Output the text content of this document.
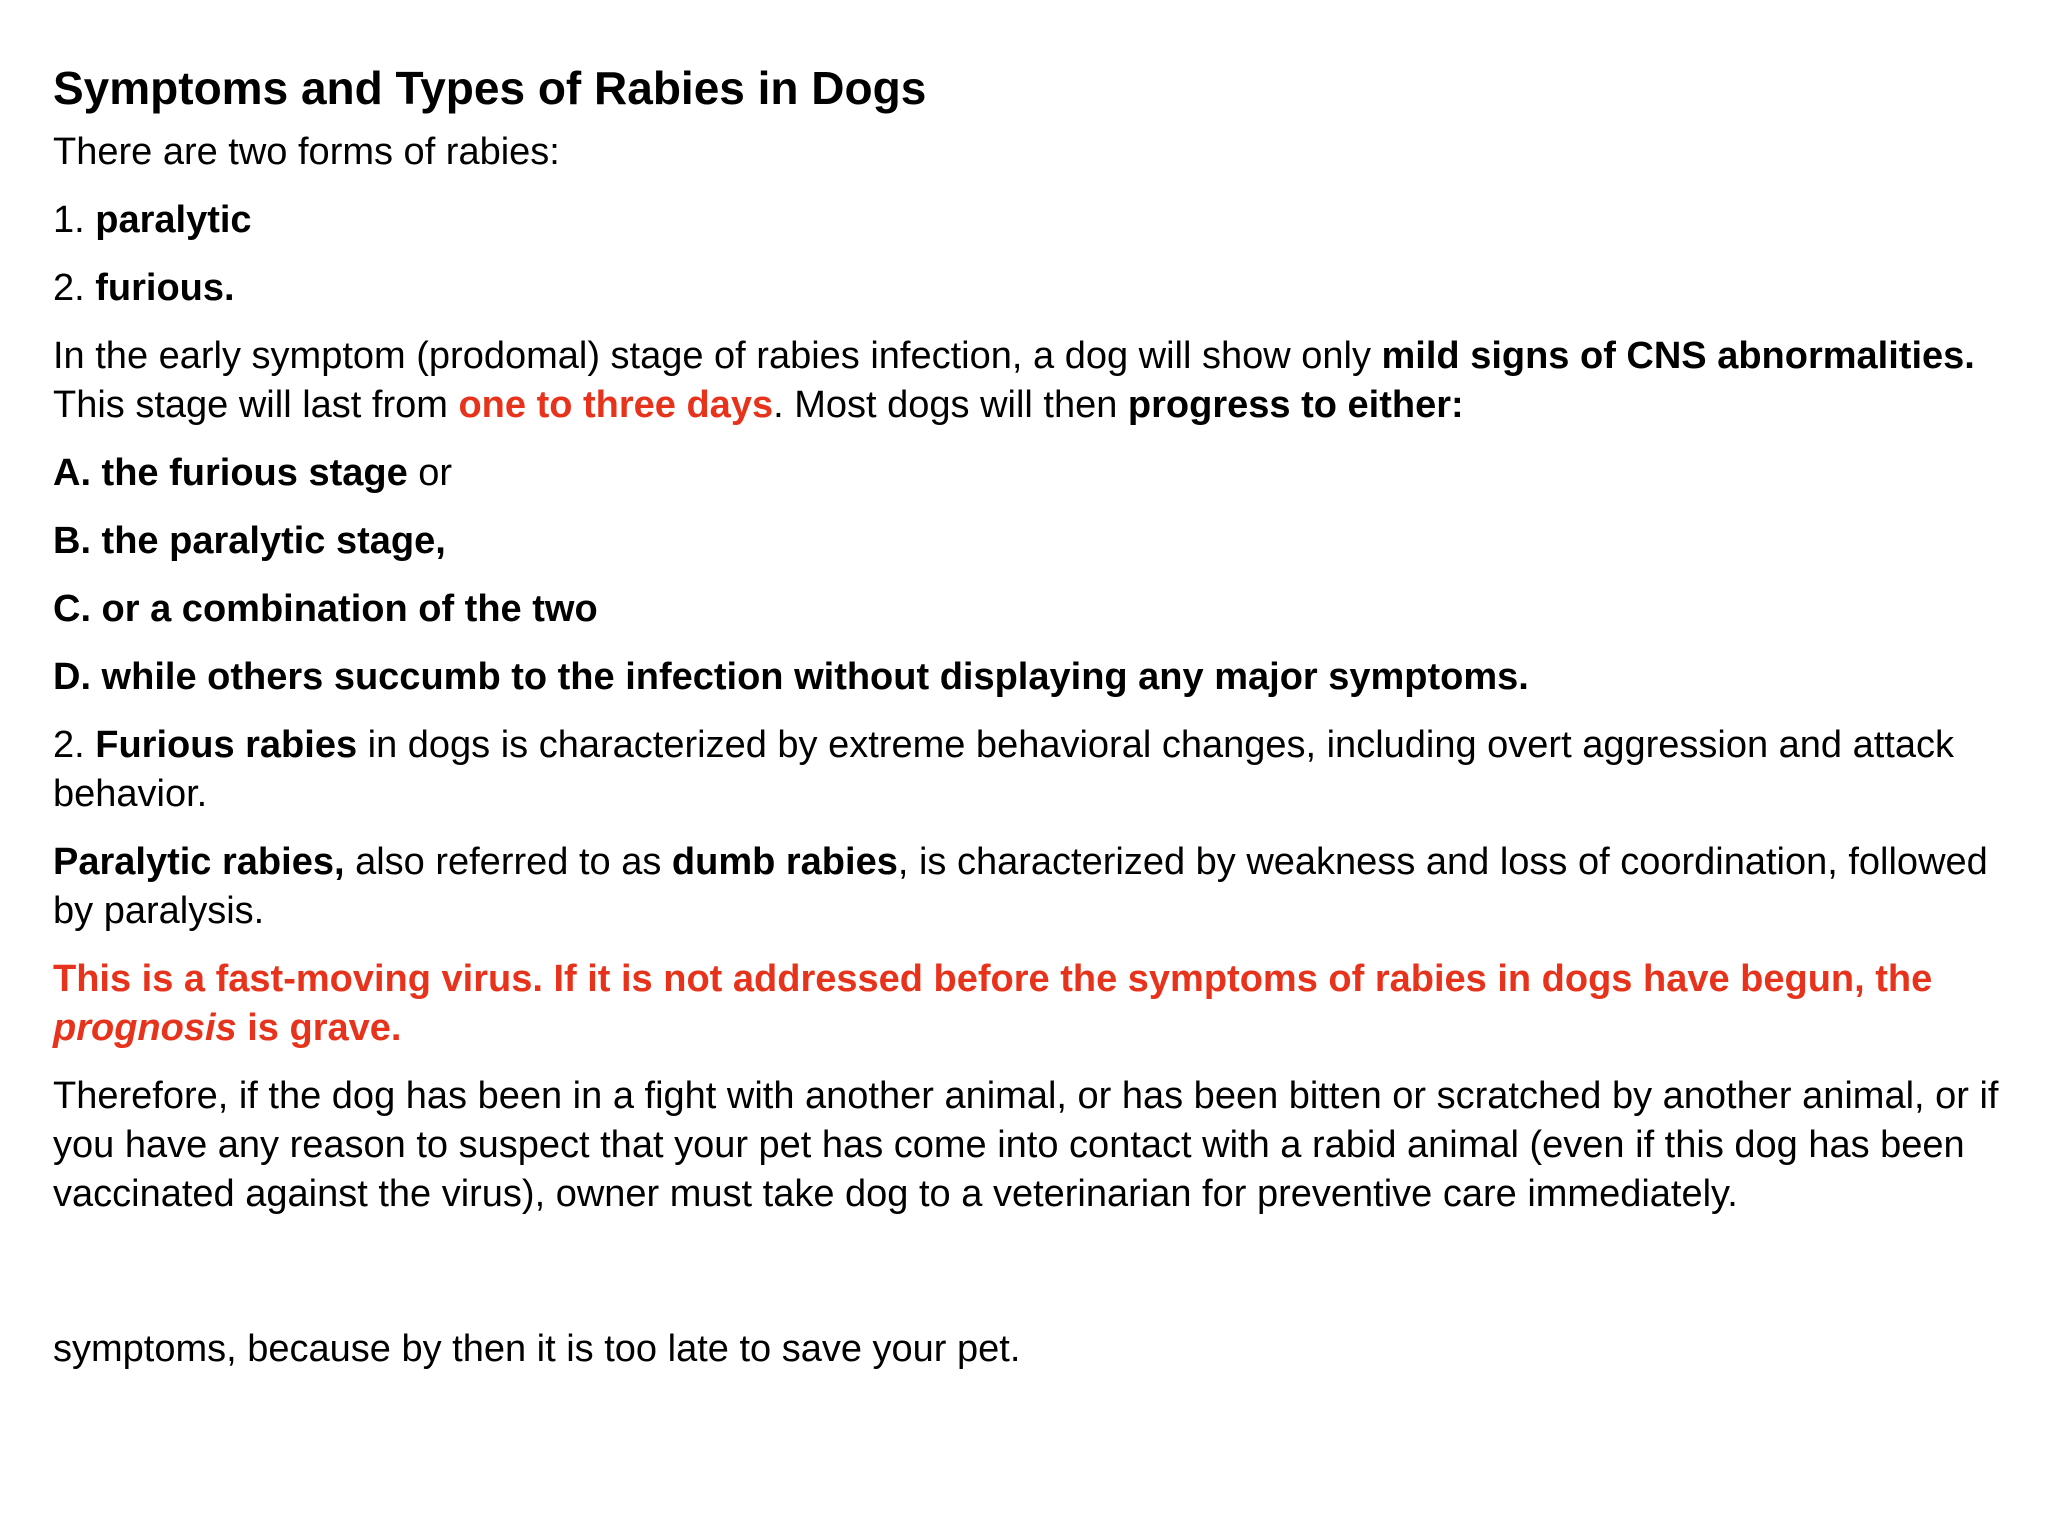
Symptoms and Types of Rabies in Dogs
There are two forms of rabies:
1. paralytic
2. furious.
In the early symptom (prodomal) stage of rabies infection, a dog will show only mild signs of CNS abnormalities. This stage will last from one to three days. Most dogs will then progress to either:
A. the furious stage or
B. the paralytic stage,
C. or a combination of the two
D. while others succumb to the infection without displaying any major symptoms.
2. Furious rabies in dogs is characterized by extreme behavioral changes, including overt aggression and attack behavior.
Paralytic rabies, also referred to as dumb rabies, is characterized by weakness and loss of coordination, followed by paralysis.
This is a fast-moving virus. If it is not addressed before the symptoms of rabies in dogs have begun, the prognosis is grave.
Therefore, if the dog has been in a fight with another animal, or has been bitten or scratched by another animal, or if you have any reason to suspect that your pet has come into contact with a rabid animal (even if this dog has been vaccinated against the virus), owner must take dog to a veterinarian for preventive care immediately.
symptoms, because by then it is too late to save your pet.
